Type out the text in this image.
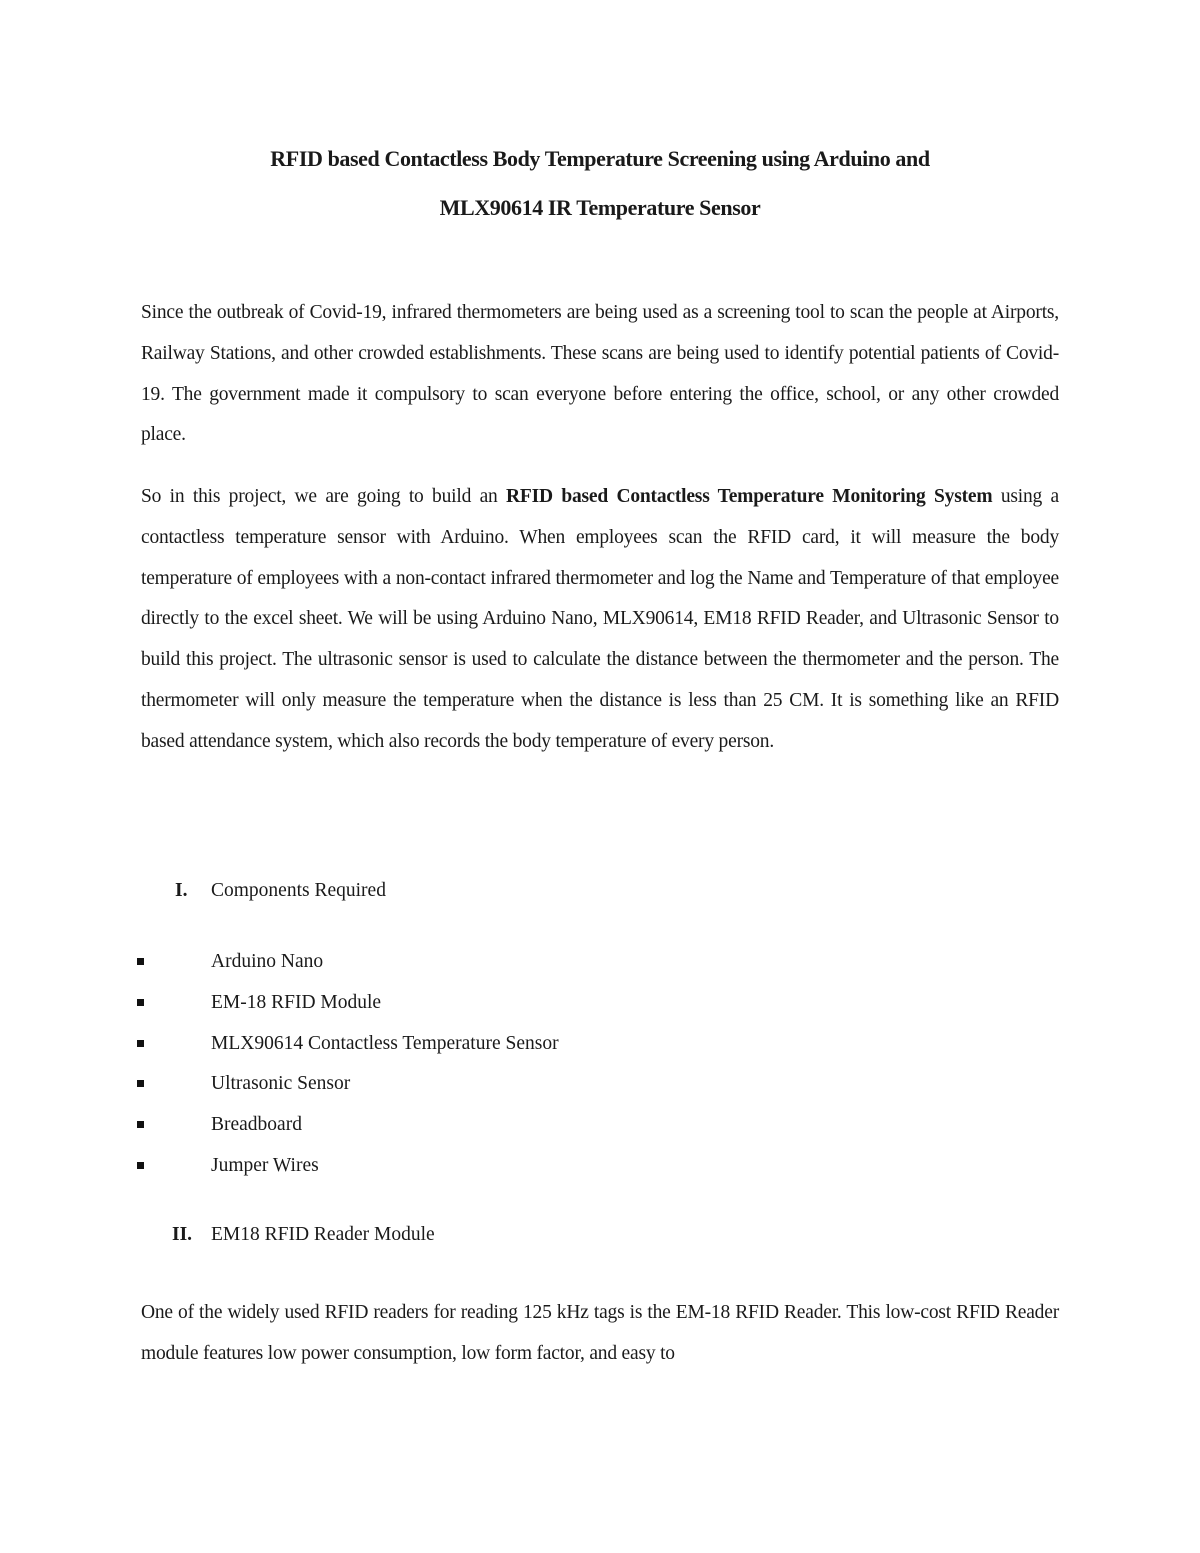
RFID based Contactless Body Temperature Screening using Arduino and
MLX90614 IR Temperature Sensor

Since the outbreak of Covid-19, infrared thermometers are being used as a screening tool to scan the people at Airports, Railway Stations, and other crowded establishments. These scans are being used to identify potential patients of Covid-19. The government made it compulsory to scan everyone before entering the office, school, or any other crowded place.

So in this project, we are going to build an RFID based Contactless Temperature Monitoring System using a contactless temperature sensor with Arduino. When employees scan the RFID card, it will measure the body temperature of employees with a non-contact infrared thermometer and log the Name and Temperature of that employee directly to the excel sheet. We will be using Arduino Nano, MLX90614, EM18 RFID Reader, and Ultrasonic Sensor to build this project. The ultrasonic sensor is used to calculate the distance between the thermometer and the person. The thermometer will only measure the temperature when the distance is less than 25 CM. It is something like an RFID based attendance system, which also records the body temperature of every person.

I. Components Required
Arduino Nano
EM-18 RFID Module
MLX90614 Contactless Temperature Sensor
Ultrasonic Sensor
Breadboard
Jumper Wires
II. EM18 RFID Reader Module

One of the widely used RFID readers for reading 125 kHz tags is the EM-18 RFID Reader. This low-cost RFID Reader module features low power consumption, low form factor, and easy to
